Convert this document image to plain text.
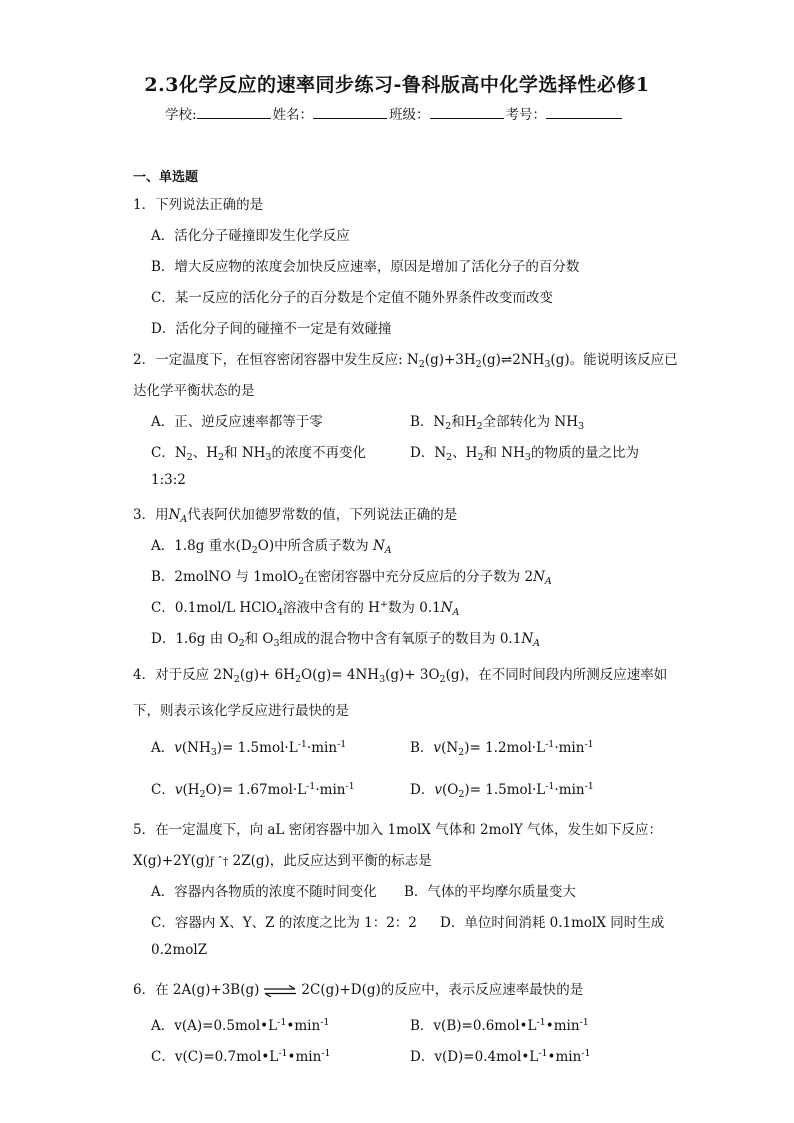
2.3化学反应的速率同步练习-鲁科版高中化学选择性必修1
学校:	姓名：	班级：	考号：
一、单选题
1．下列说法正确的是
A．活化分子碰撞即发生化学反应
B．增大反应物的浓度会加快反应速率，原因是增加了活化分子的百分数
C．某一反应的活化分子的百分数是个定值不随外界条件改变而改变
D．活化分子间的碰撞不一定是有效碰撞
2．一定温度下，在恒容密闭容器中发生反应: $N_2(g)+3H_2(g)\rightleftharpoons 2NH_3(g)$。能说明该反应已
达化学平衡状态的是
A．正、逆反应速率都等于零	B．$N_2$和$H_2$全部转化为 $NH_3$
C．$N_2$、$H_2$和 $NH_3$的浓度不再变化	D．$N_2$、$H_2$和 $NH_3$的物质的量之比为
1:3:2
3．用$N_A$代表阿伏加德罗常数的值，下列说法正确的是
A．1.8g 重水$(D_2O)$中所含质子数为 $N_A$
B．2molNO 与 1molO$_2$在密闭容器中充分反应后的分子数为 $2N_A$
C．0.1mol/L HClO$_4$溶液中含有的 H+数为 $0.1N_A$
D．1.6g 由 $O_2$和 $O_3$组成的混合物中含有氧原子的数目为 $0.1N_A$
4．对于反应 $2N_2(g)+ 6H_2O(g)= 4NH_3(g)+ 3O_2(g)$，在不同时间段内所测反应速率如
下，则表示该化学反应进行最快的是
A．$v(NH_3)= 1.5mol\cdot L^{-1}\cdot\min^{-1}$	B．$v(N_2)= 1.2mol\cdot L^{-1}\cdot\min^{-1}$
C．$v(H_2O)= 1.67mol\cdot L^{-1}\cdot\min^{-1}$	D．$v(O_2)= 1.5mol\cdot L^{-1}\cdot\min^{-1}$
5．在一定温度下，向 aL 密闭容器中加入 1molX 气体和 2molY 气体，发生如下反应：
X(g)+2Y(g)ƒ ˆ† 2Z(g)，此反应达到平衡的标志是
A．容器内各物质的浓度不随时间变化 B．气体的平均摩尔质量变大
C．容器内 X、Y、Z 的浓度之比为 1：2：2 D．单位时间消耗 0.1molX 同时生成
0.2molZ
6．在 2A(g)+3B(g) ⇌ 2C(g)+D(g)的反应中，表示反应速率最快的是
A．$v(A)=0.5mol•L^{-1}•\min^{-1}$	B．$v(B)=0.6mol•L^{-1}•\min^{-1}$
C．$v(C)=0.7mol•L^{-1}•\min^{-1}$	D．$v(D)=0.4mol•L^{-1}•\min^{-1}$
